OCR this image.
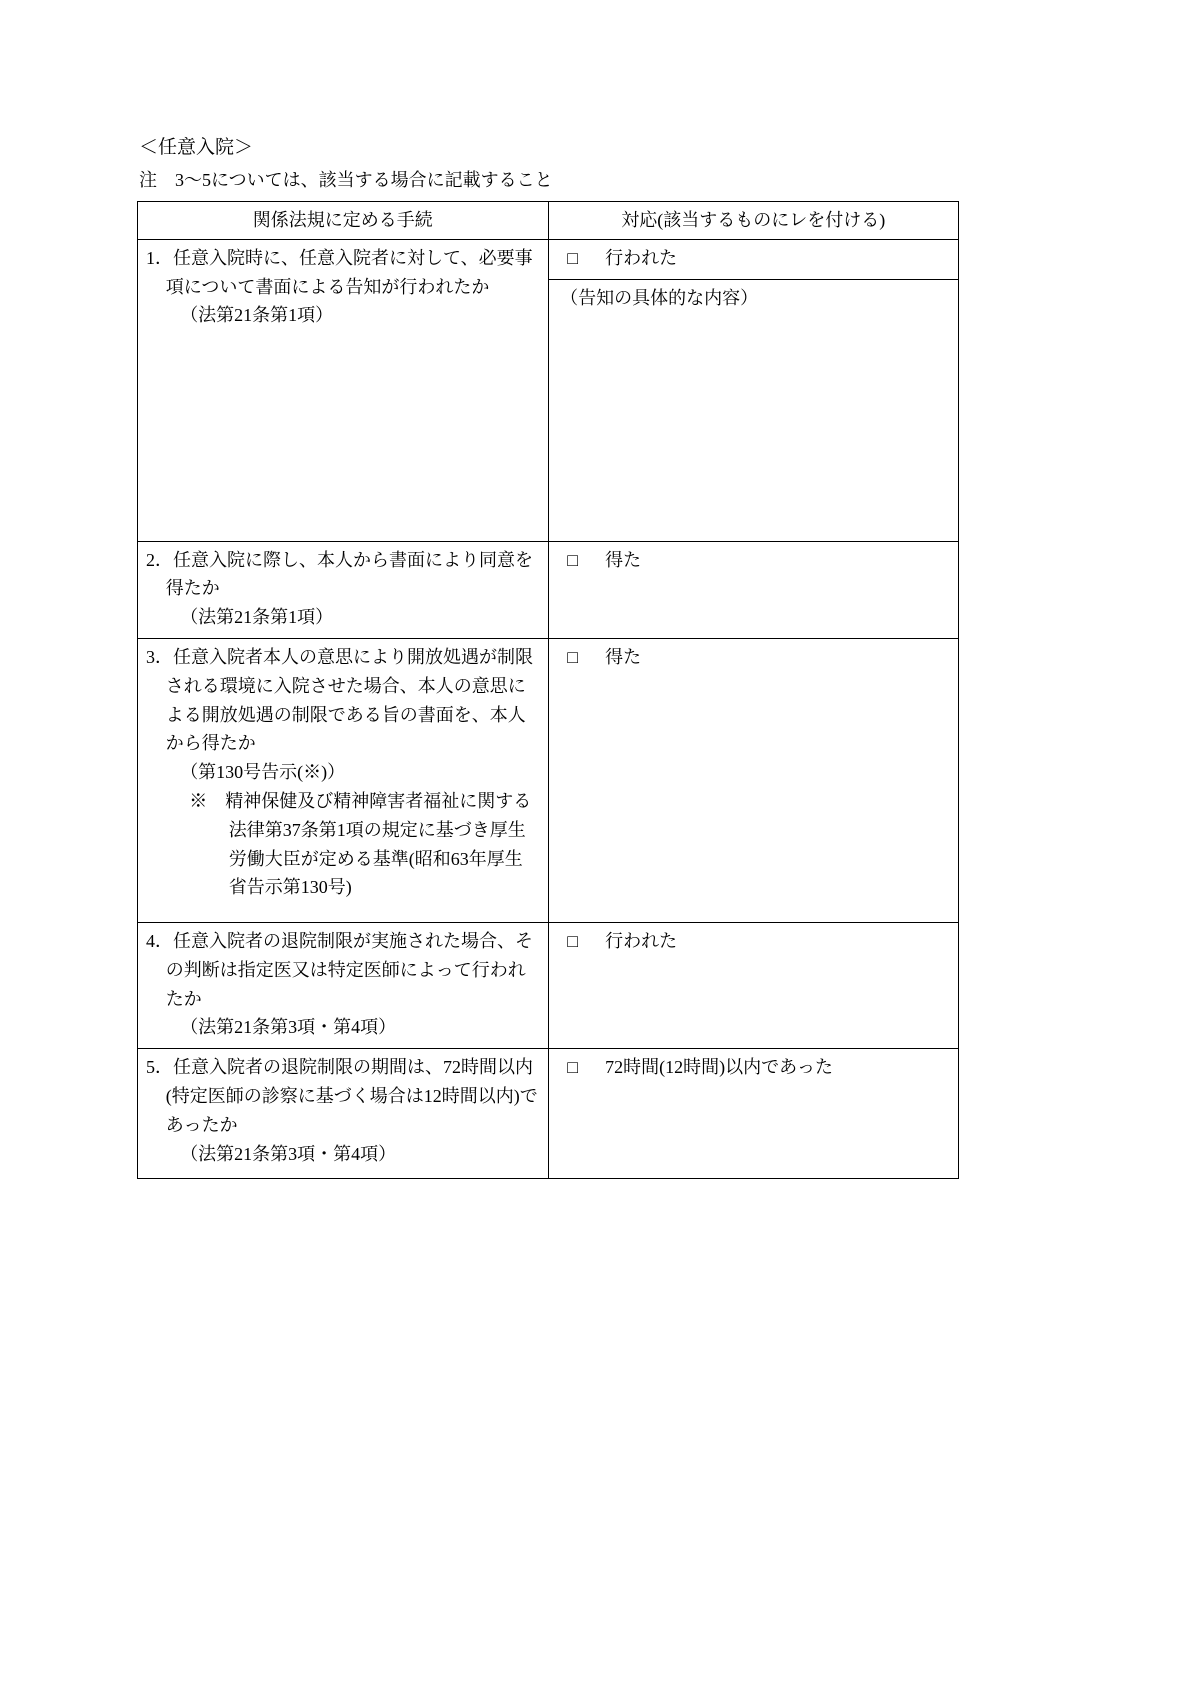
＜任意入院＞
注　3〜5については、該当する場合に記載すること
関係法規に定める手続	対応(該当するものにレを付ける)

1．任意入院時に、任意入院者に対して、必要事項について書面による告知が行われたか

（法第21条第1項）	□ 行われた

	（告知の具体的な内容）

2．任意入院に際し、本人から書面により同意を得たか

（法第21条第1項）	□ 得た

3．任意入院者本人の意思により開放処遇が制限される環境に入院させた場合、本人の意思による開放処遇の制限である旨の書面を、本人から得たか

（第130号告示(※)）

※　精神保健及び精神障害者福祉に関する法律第37条第1項の規定に基づき厚生労働大臣が定める基準(昭和63年厚生省告示第130号)	□ 得た

4．任意入院者の退院制限が実施された場合、その判断は指定医又は特定医師によって行われたか

（法第21条第3項・第4項）	□ 行われた

5．任意入院者の退院制限の期間は、72時間以内(特定医師の診察に基づく場合は12時間以内)であったか

（法第21条第3項・第4項）	□ 72時間(12時間)以内であった
